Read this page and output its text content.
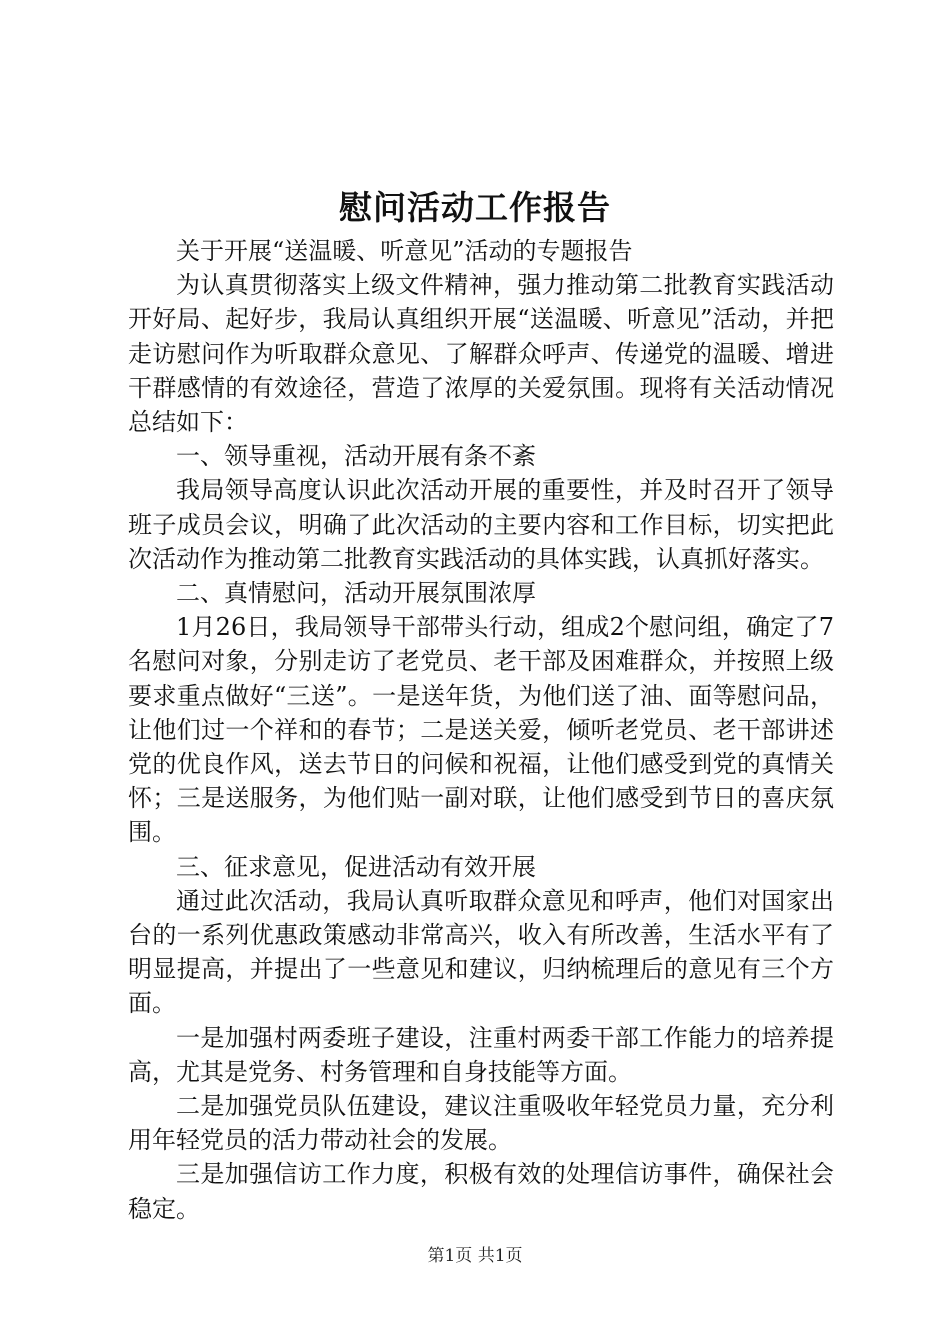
慰问活动工作报告

关于开展“送温暖、听意见”活动的专题报告

为认真贯彻落实上级文件精神，强力推动第二批教育实践活动开好局、起好步，我局认真组织开展“送温暖、听意见”活动，并把走访慰问作为听取群众意见、了解群众呼声、传递党的温暖、增进干群感情的有效途径，营造了浓厚的关爱氛围。现将有关活动情况总结如下：

一、领导重视，活动开展有条不紊

我局领导高度认识此次活动开展的重要性，并及时召开了领导班子成员会议，明确了此次活动的主要内容和工作目标，切实把此次活动作为推动第二批教育实践活动的具体实践，认真抓好落实。

二、真情慰问，活动开展氛围浓厚

1月26日，我局领导干部带头行动，组成2个慰问组，确定了7名慰问对象，分别走访了老党员、老干部及困难群众，并按照上级要求重点做好“三送”。一是送年货，为他们送了油、面等慰问品，让他们过一个祥和的春节；二是送关爱，倾听老党员、老干部讲述党的优良作风，送去节日的问候和祝福，让他们感受到党的真情关怀；三是送服务，为他们贴一副对联，让他们感受到节日的喜庆氛围。

三、征求意见，促进活动有效开展

通过此次活动，我局认真听取群众意见和呼声，他们对国家出台的一系列优惠政策感动非常高兴，收入有所改善，生活水平有了明显提高，并提出了一些意见和建议，归纳梳理后的意见有三个方面。

一是加强村两委班子建设，注重村两委干部工作能力的培养提高，尤其是党务、村务管理和自身技能等方面。

二是加强党员队伍建设，建议注重吸收年轻党员力量，充分利用年轻党员的活力带动社会的发展。

三是加强信访工作力度，积极有效的处理信访事件，确保社会稳定。

第1页 共1页
